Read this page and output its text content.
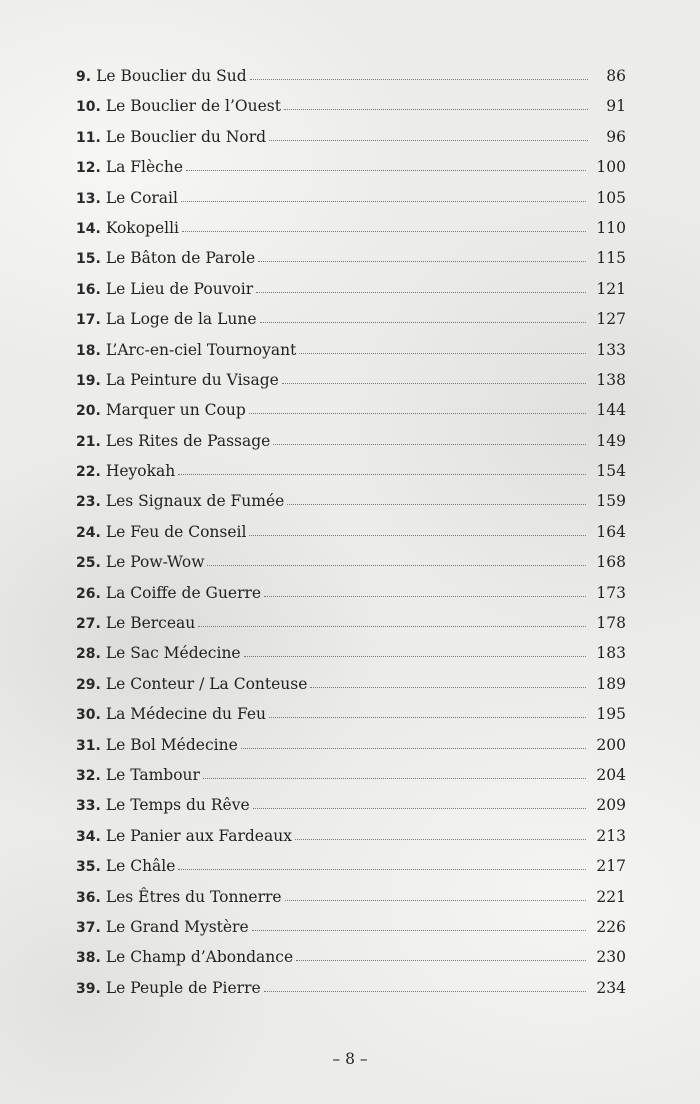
9. Le Bouclier du Sud	86
10. Le Bouclier de l’Ouest	91
11. Le Bouclier du Nord	96
12. La Flèche	100
13. Le Corail	105
14. Kokopelli	110
15. Le Bâton de Parole	115
16. Le Lieu de Pouvoir	121
17. La Loge de la Lune	127
18. L’Arc-en-ciel Tournoyant	133
19. La Peinture du Visage	138
20. Marquer un Coup	144
21. Les Rites de Passage	149
22. Heyokah	154
23. Les Signaux de Fumée	159
24. Le Feu de Conseil	164
25. Le Pow-Wow	168
26. La Coiffe de Guerre	173
27. Le Berceau	178
28. Le Sac Médecine	183
29. Le Conteur / La Conteuse	189
30. La Médecine du Feu	195
31. Le Bol Médecine	200
32. Le Tambour	204
33. Le Temps du Rêve	209
34. Le Panier aux Fardeaux	213
35. Le Châle	217
36. Les Êtres du Tonnerre	221
37. Le Grand Mystère	226
38. Le Champ d’Abondance	230
39. Le Peuple de Pierre	234
– 8 –
